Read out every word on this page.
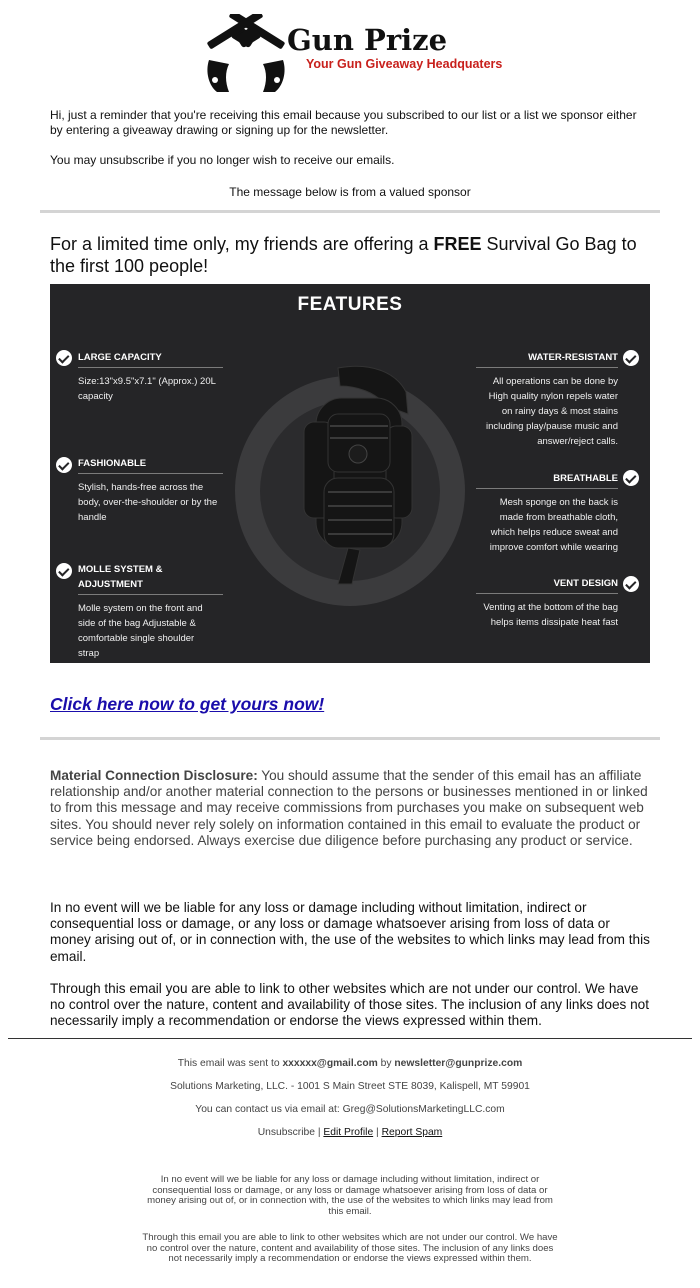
Gun Prize
Your Gun Giveaway Headquaters
Hi, just a reminder that you're receiving this email because you subscribed to our list or a list we sponsor either by entering a giveaway drawing or signing up for the newsletter.
You may unsubscribe if you no longer wish to receive our emails.
The message below is from a valued sponsor
For a limited time only, my friends are offering a FREE Survival Go Bag to the first 100 people!
FEATURES
LARGE CAPACITY
Size:13"x9.5"x7.1" (Approx.) 20L capacity
FASHIONABLE
Stylish, hands-free across the body, over-the-shoulder or by the handle
MOLLE SYSTEM & ADJUSTMENT
Molle system on the front and side of the bag Adjustable & comfortable single shoulder strap
WATER-RESISTANT
All operations can be done by High quality nylon repels water on rainy days & most stains including play/pause music and answer/reject calls.
BREATHABLE
Mesh sponge on the back is made from breathable cloth, which helps reduce sweat and improve comfort while wearing
VENT DESIGN
Venting at the bottom of the bag helps items dissipate heat fast
Click here now to get yours now!
Material Connection Disclosure: You should assume that the sender of this email has an affiliate relationship and/or another material connection to the persons or businesses mentioned in or linked to from this message and may receive commissions from purchases you make on subsequent web sites. You should never rely solely on information contained in this email to evaluate the product or service being endorsed. Always exercise due diligence before purchasing any product or service.
In no event will we be liable for any loss or damage including without limitation, indirect or consequential loss or damage, or any loss or damage whatsoever arising from loss of data or money arising out of, or in connection with, the use of the websites to which links may lead from this email.
Through this email you are able to link to other websites which are not under our control. We have no control over the nature, content and availability of those sites. The inclusion of any links does not necessarily imply a recommendation or endorse the views expressed within them.
This email was sent to xxxxxx@gmail.com by newsletter@gunprize.com
Solutions Marketing, LLC. - 1001 S Main Street STE 8039, Kalispell, MT 59901
You can contact us via email at: Greg@SolutionsMarketingLLC.com
Unsubscribe | Edit Profile | Report Spam
In no event will we be liable for any loss or damage including without limitation, indirect or consequential loss or damage, or any loss or damage whatsoever arising from loss of data or money arising out of, or in connection with, the use of the websites to which links may lead from this email.
Through this email you are able to link to other websites which are not under our control. We have no control over the nature, content and availability of those sites. The inclusion of any links does not necessarily imply a recommendation or endorse the views expressed within them.
